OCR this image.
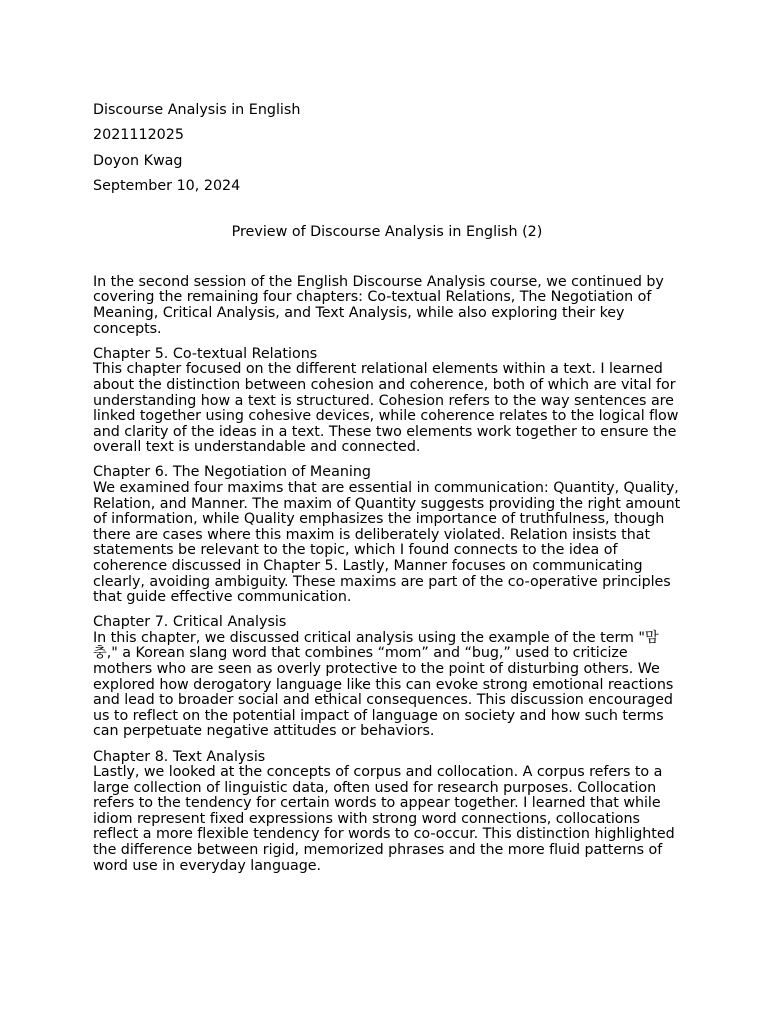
Discourse Analysis in English
2021112025
Doyon Kwag
September 10, 2024
Preview of Discourse Analysis in English (2)

In the second session of the English Discourse Analysis course, we continued by covering the remaining four chapters: Co-textual Relations, The Negotiation of Meaning, Critical Analysis, and Text Analysis, while also exploring their key concepts.

Chapter 5. Co-textual Relations

This chapter focused on the different relational elements within a text. I learned about the distinction between cohesion and coherence, both of which are vital for understanding how a text is structured. Cohesion refers to the way sentences are linked together using cohesive devices, while coherence relates to the logical flow and clarity of the ideas in a text. These two elements work together to ensure the overall text is understandable and connected.

Chapter 6. The Negotiation of Meaning

We examined four maxims that are essential in communication: Quantity, Quality, Relation, and Manner. The maxim of Quantity suggests providing the right amount of information, while Quality emphasizes the importance of truthfulness, though there are cases where this maxim is deliberately violated. Relation insists that statements be relevant to the topic, which I found connects to the idea of coherence discussed in Chapter 5. Lastly, Manner focuses on communicating clearly, avoiding ambiguity. These maxims are part of the co-operative principles that guide effective communication.

Chapter 7. Critical Analysis

In this chapter, we discussed critical analysis using the example of the term "맘충," a Korean slang word that combines “mom” and “bug,” used to criticize mothers who are seen as overly protective to the point of disturbing others. We explored how derogatory language like this can evoke strong emotional reactions and lead to broader social and ethical consequences. This discussion encouraged us to reflect on the potential impact of language on society and how such terms can perpetuate negative attitudes or behaviors.

Chapter 8. Text Analysis

Lastly, we looked at the concepts of corpus and collocation. A corpus refers to a large collection of linguistic data, often used for research purposes. Collocation refers to the tendency for certain words to appear together. I learned that while idiom represent fixed expressions with strong word connections, collocations reflect a more flexible tendency for words to co-occur. This distinction highlighted the difference between rigid, memorized phrases and the more fluid patterns of word use in everyday language.
